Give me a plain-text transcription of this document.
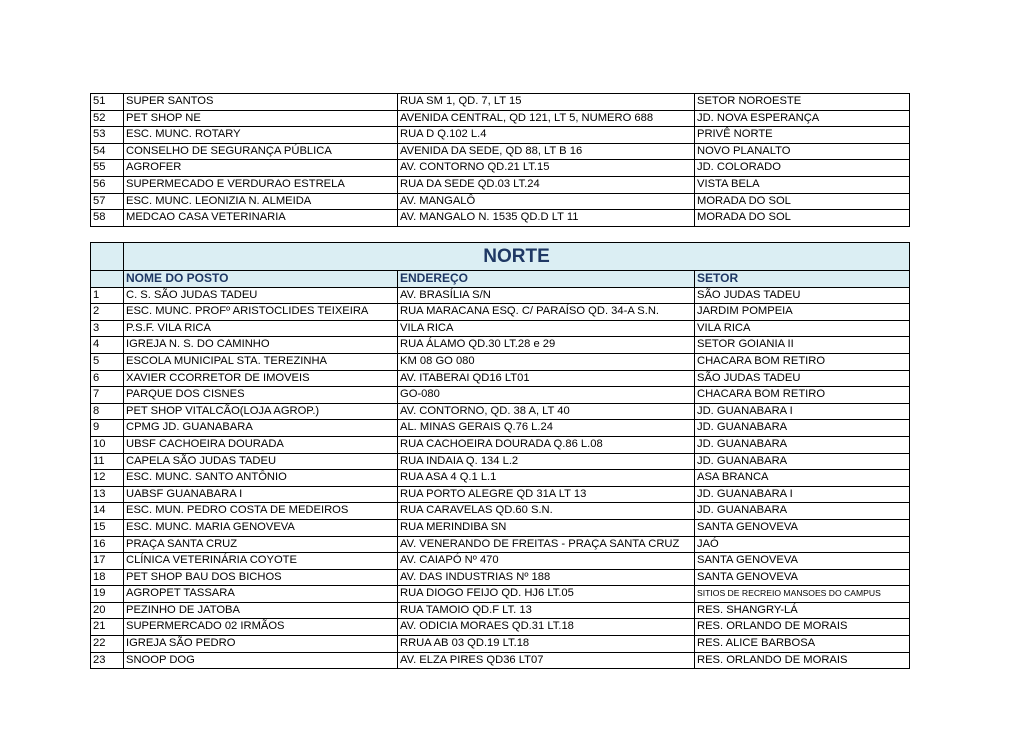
51	SUPER SANTOS	RUA SM 1, QD. 7, LT 15	SETOR NOROESTE
52	PET SHOP NE	AVENIDA CENTRAL, QD 121, LT 5, NUMERO 688	JD. NOVA ESPERANÇA
53	ESC. MUNC. ROTARY	RUA D Q.102 L.4	PRIVÊ NORTE
54	CONSELHO DE SEGURANÇA PÚBLICA	AVENIDA DA SEDE, QD 88, LT B 16	NOVO PLANALTO
55	AGROFER	AV. CONTORNO QD.21 LT.15	JD. COLORADO
56	SUPERMECADO E VERDURAO ESTRELA	RUA DA SEDE QD.03 LT.24	VISTA BELA
57	ESC. MUNC. LEONIZIA N. ALMEIDA	AV. MANGALÔ	MORADA DO SOL
58	MEDCAO CASA VETERINARIA	AV. MANGALO N. 1535 QD.D LT 11	MORADA DO SOL
	NORTE		
	NOME DO POSTO	ENDEREÇO	SETOR
1	C. S. SÃO JUDAS TADEU	AV. BRASÍLIA S/N	SÃO JUDAS TADEU
2	ESC. MUNC. PROFº ARISTOCLIDES TEIXEIRA	RUA MARACANA ESQ. C/ PARAÍSO QD. 34-A S.N.	JARDIM POMPEIA
3	P.S.F. VILA RICA	VILA RICA	VILA RICA
4	IGREJA N. S. DO CAMINHO	RUA ÁLAMO QD.30 LT.28 e 29	SETOR GOIANIA II
5	ESCOLA MUNICIPAL STA. TEREZINHA	KM 08 GO 080	CHACARA BOM RETIRO
6	XAVIER CCORRETOR DE IMOVEIS	AV. ITABERAI QD16 LT01	SÃO JUDAS TADEU
7	PARQUE DOS CISNES	GO-080	CHACARA BOM RETIRO
8	PET SHOP VITALCÃO(LOJA AGROP.)	AV. CONTORNO, QD. 38 A, LT 40	JD. GUANABARA I
9	CPMG JD. GUANABARA	AL. MINAS GERAIS Q.76 L.24	JD. GUANABARA
10	UBSF CACHOEIRA DOURADA	RUA CACHOEIRA DOURADA Q.86 L.08	JD. GUANABARA
11	CAPELA SÃO JUDAS TADEU	RUA INDAIA Q. 134 L.2	JD. GUANABARA
12	ESC. MUNC. SANTO ANTÔNIO	RUA ASA 4 Q.1 L.1	ASA BRANCA
13	UABSF GUANABARA I	RUA PORTO ALEGRE QD 31A LT 13	JD. GUANABARA I
14	ESC. MUN. PEDRO COSTA DE MEDEIROS	RUA CARAVELAS QD.60 S.N.	JD. GUANABARA
15	ESC. MUNC. MARIA GENOVEVA	RUA MERINDIBA SN	SANTA GENOVEVA
16	PRAÇA SANTA CRUZ	AV. VENERANDO DE FREITAS - PRAÇA SANTA CRUZ	JAÓ
17	CLÍNICA VETERINÁRIA COYOTE	AV. CAIAPÓ Nº 470	SANTA GENOVEVA
18	PET SHOP BAU DOS BICHOS	AV. DAS INDUSTRIAS Nº 188	SANTA GENOVEVA
19	AGROPET TASSARA	RUA DIOGO FEIJO QD. HJ6 LT.05	SITIOS DE RECREIO MANSOES DO CAMPUS
20	PEZINHO DE JATOBA	RUA TAMOIO QD.F LT. 13	RES. SHANGRY-LÁ
21	SUPERMERCADO 02 IRMÃOS	AV. ODICIA MORAES QD.31 LT.18	RES. ORLANDO DE MORAIS
22	IGREJA SÃO PEDRO	RRUA AB 03 QD.19 LT.18	RES. ALICE BARBOSA
23	SNOOP DOG	AV. ELZA PIRES QD36 LT07	RES. ORLANDO DE MORAIS
